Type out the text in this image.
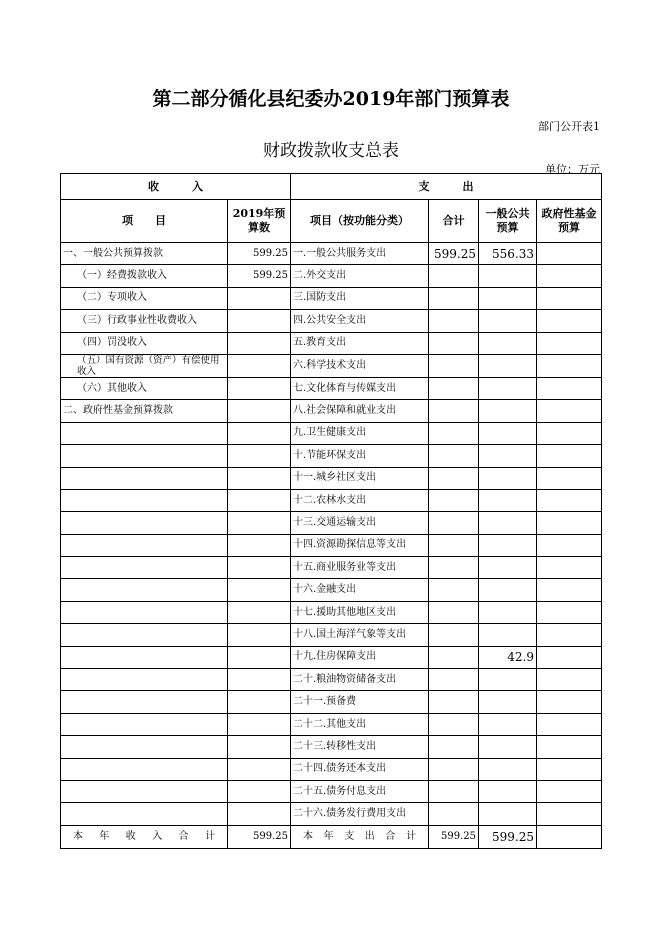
第二部分循化县纪委办2019年部门预算表
部门公开表1
财政拨款收支总表
单位：万元
收　　　入		支　　　出			
项　　目	2019年预算数	项目（按功能分类）	合计	一般公共预算	政府性基金预算
一、一般公共预算拨款	599.25	一.一般公共服务支出	599.25	556.33	
（一）经费拨款收入	599.25	二.外交支出			
（二）专项收入		三.国防支出			
（三）行政事业性收费收入		四.公共安全支出			
（四）罚没收入		五.教育支出			
（五）国有资源（资产）有偿使用收入		六.科学技术支出			
（六）其他收入		七.文化体育与传媒支出			
二、政府性基金预算拨款		八.社会保障和就业支出			
		九.卫生健康支出			
		十.节能环保支出			
		十一.城乡社区支出			
		十二.农林水支出			
		十三.交通运输支出			
		十四.资源勘探信息等支出			
		十五.商业服务业等支出			
		十六.金融支出			
		十七.援助其他地区支出			
		十八.国土海洋气象等支出			
		十九.住房保障支出		42.9	
		二十.粮油物资储备支出			
		二十一.预备费			
		二十二.其他支出			
		二十三.转移性支出			
		二十四.债务还本支出			
		二十五.债务付息支出			
		二十六.债务发行费用支出			
本年收入合计	599.25	本年支出合计	599.25	599.25	
